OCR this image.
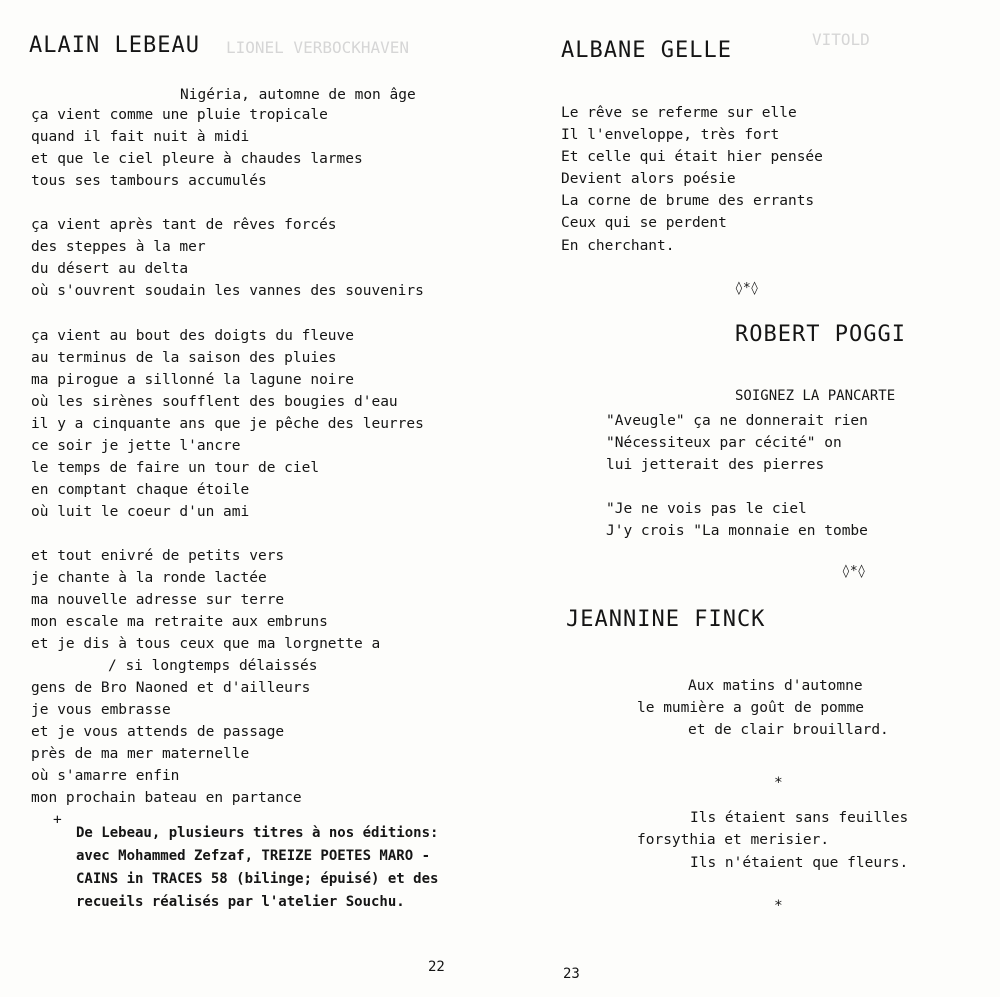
LIONEL VERBOCKHAVEN	VITOLD
ALAIN LEBEAU
Nigéria, automne de mon âge
ça vient comme une pluie tropicale
quand il fait nuit à midi
et que le ciel pleure à chaudes larmes
tous ses tambours accumulés
ça vient après tant de rêves forcés
des steppes à la mer
du désert au delta
où s'ouvrent soudain les vannes des souvenirs
ça vient au bout des doigts du fleuve
au terminus de la saison des pluies
ma pirogue a sillonné la lagune noire
où les sirènes soufflent des bougies d'eau
il y a cinquante ans que je pêche des leurres
ce soir je jette l'ancre
le temps de faire un tour de ciel
en comptant chaque étoile
où luit le coeur d'un ami
et tout enivré de petits vers
je chante à la ronde lactée
ma nouvelle adresse sur terre
mon escale ma retraite aux embruns
et je dis à tous ceux que ma lorgnette a
/ si longtemps délaissés
gens de Bro Naoned et d'ailleurs
je vous embrasse
et je vous attends de passage
près de ma mer maternelle
où s'amarre enfin
mon prochain bateau en partance
+
De Lebeau, plusieurs titres à nos éditions:
avec Mohammed Zefzaf, TREIZE POETES MARO -
CAINS in TRACES 58 (bilinge; épuisé) et des
recueils réalisés par l'atelier Souchu.
22
ALBANE GELLE
Le rêve se referme sur elle
Il l'enveloppe, très fort
Et celle qui était hier pensée
Devient alors poésie
La corne de brume des errants
Ceux qui se perdent
En cherchant.
◊*◊
ROBERT POGGI
SOIGNEZ LA PANCARTE
"Aveugle" ça ne donnerait rien
"Nécessiteux par cécité" on
lui jetterait des pierres
"Je ne vois pas le ciel
J'y crois "La monnaie en tombe
◊*◊
JEANNINE FINCK
Aux matins d'automne
le mumière a goût de pomme
et de clair brouillard.
*
Ils étaient sans feuilles
forsythia et merisier.
Ils n'étaient que fleurs.
*
23
